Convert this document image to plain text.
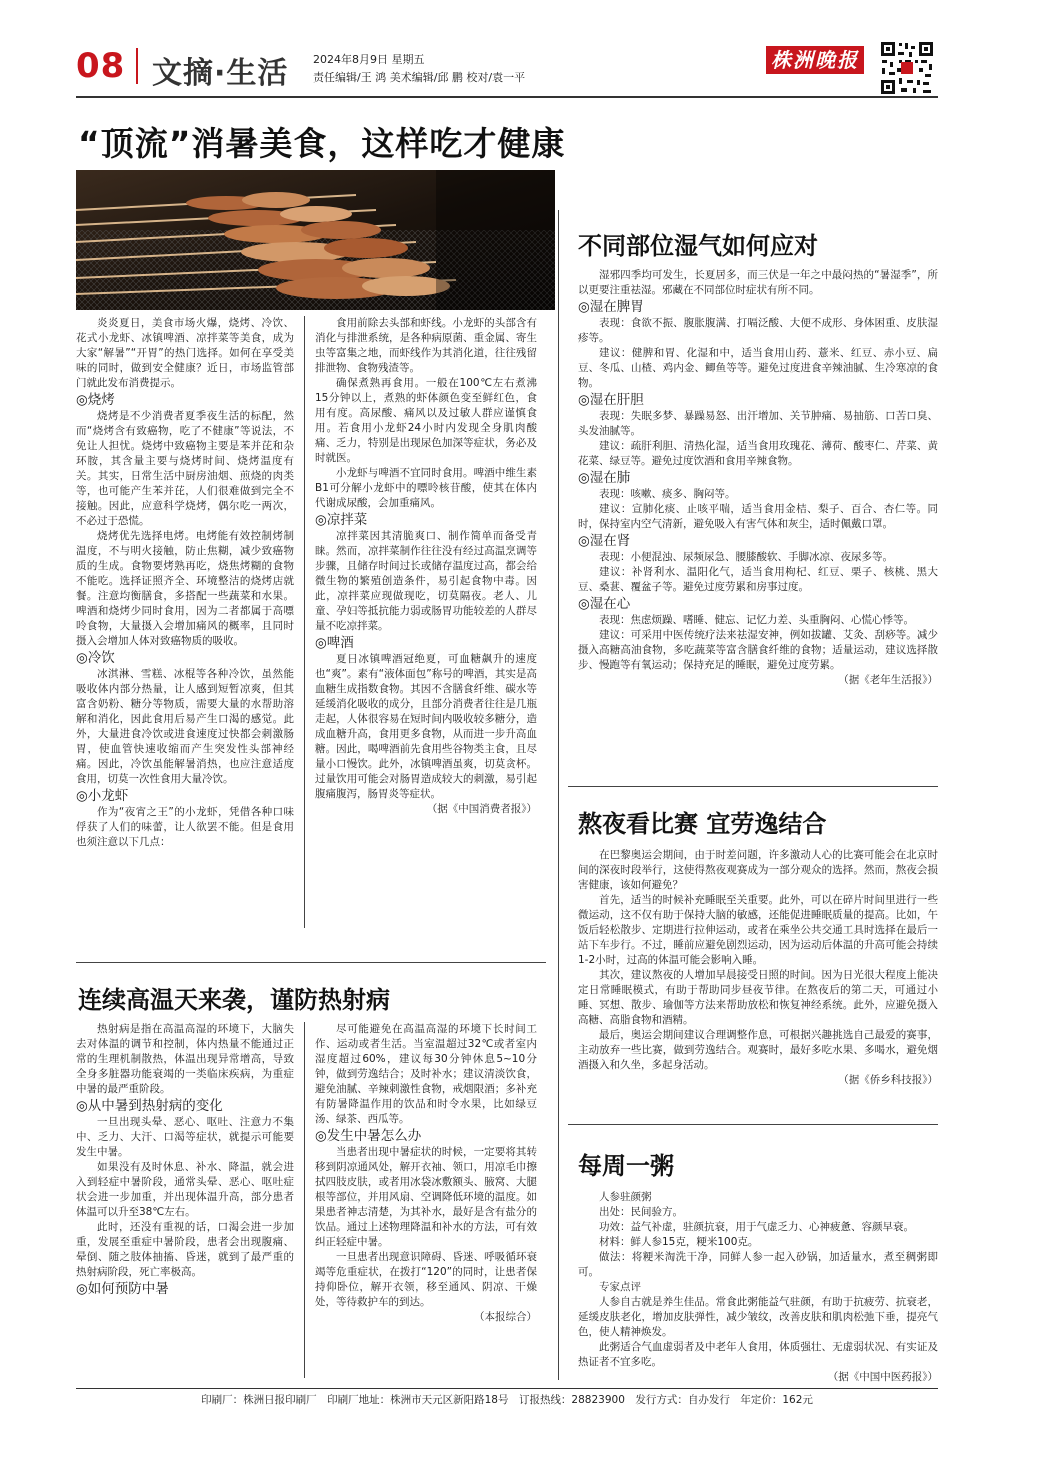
08 文摘·生活 2024年8月9日 星期五
责任编辑/王 鸿 美术编辑/邱 鹏 校对/袁一平
株洲晚报
“顶流”消暑美食，这样吃才健康

炎炎夏日，美食市场火爆，烧烤、冷饮、花式小龙虾、冰镇啤酒、凉拌菜等美食，成为大家“解暑”“开胃”的热门选择。如何在享受美味的同时，做到安全健康？近日，市场监管部门就此发布消费提示。

◎烧烤

烧烤是不少消费者夏季夜生活的标配，然而“烧烤含有致癌物，吃了不健康”等说法，不免让人担忧。烧烤中致癌物主要是苯并芘和杂环胺，其含量主要与烧烤时间、烧烤温度有关。其实，日常生活中厨房油烟、煎烧的肉类等，也可能产生苯并芘，人们很难做到完全不接触。因此，应意科学烧烤，偶尔吃一两次，不必过于恐慌。

烧烤优先选择电烤。电烤能有效控制烤制温度，不与明火接触，防止焦糊，减少致癌物质的生成。食物要烤熟再吃，烧焦烤糊的食物不能吃。选择证照齐全、环境整洁的烧烤店就餐。注意均衡膳食，多搭配一些蔬菜和水果。啤酒和烧烤少同时食用，因为二者都属于高嘌呤食物，大量摄入会增加痛风的概率，且同时摄入会增加人体对致癌物质的吸收。

◎冷饮

冰淇淋、雪糕、冰棍等各种冷饮，虽然能吸收体内部分热量，让人感到短暂凉爽，但其富含奶粉、糖分等物质，需要大量的水帮助溶解和消化，因此食用后易产生口渴的感觉。此外，大量进食冷饮或进食速度过快都会刺激肠胃，使血管快速收缩而产生突发性头部神经痛。因此，冷饮虽能解暑消热，也应注意适度食用，切莫一次性食用大量冷饮。

◎小龙虾

作为“夜宵之王”的小龙虾，凭借各种口味俘获了人们的味蕾，让人欲罢不能。但是食用也须注意以下几点：

食用前除去头部和虾线。小龙虾的头部含有消化与排泄系统，是各种病原菌、重金属、寄生虫等富集之地，而虾线作为其消化道，往往残留排泄物、食物残渣等。

确保煮熟再食用。一般在100℃左右煮沸15分钟以上，煮熟的虾体颜色变至鲜红色，食用有度。高尿酸、痛风以及过敏人群应谨慎食用。若食用小龙虾24小时内发现全身肌肉酸痛、乏力，特别是出现尿色加深等症状，务必及时就医。

小龙虾与啤酒不宜同时食用。啤酒中维生素B1可分解小龙虾中的嘌呤核苷酸，使其在体内代谢成尿酸，会加重痛风。

◎凉拌菜

凉拌菜因其清脆爽口、制作简单而备受青睐。然而，凉拌菜制作往往没有经过高温烹调等步骤，且储存时间过长或储存温度过高，都会给微生物的繁殖创造条件，易引起食物中毒。因此，凉拌菜应现做现吃，切莫隔夜。老人、儿童、孕妇等抵抗能力弱或肠胃功能较差的人群尽量不吃凉拌菜。

◎啤酒

夏日冰镇啤酒冠绝夏，可血糖飙升的速度也“爽”。素有“液体面包”称号的啤酒，其实是高血糖生成指数食物。其因不含膳食纤维、碳水等延缓消化吸收的成分，且部分消费者往往是几瓶走起，人体很容易在短时间内吸收较多糖分，造成血糖升高，食用更多食物，从而进一步升高血糖。因此，喝啤酒前先食用些谷物类主食，且尽量小口慢饮。此外，冰镇啤酒虽爽，切莫贪杯。过量饮用可能会对肠胃造成较大的刺激，易引起腹痛腹泻，肠胃炎等症状。

（据《中国消费者报》）

不同部位湿气如何应对

湿邪四季均可发生，长夏居多，而三伏是一年之中最闷热的“暑湿季”，所以更要注重祛湿。邪藏在不同部位时症状有所不同。

◎湿在脾胃

表现：食欲不振、腹胀腹满、打嗝泛酸、大便不成形、身体困重、皮肤湿疹等。

建议：健脾和胃、化湿和中，适当食用山药、薏米、红豆、赤小豆、扁豆、冬瓜、山楂、鸡内金、鲫鱼等等。避免过度进食辛辣油腻、生冷寒凉的食物。

◎湿在肝胆

表现：失眠多梦、暴躁易怒、出汗增加、关节肿痛、易抽筋、口苦口臭、头发油腻等。

建议：疏肝利胆、清热化湿，适当食用玫瑰花、薄荷、酸枣仁、芹菜、黄花菜、绿豆等。避免过度饮酒和食用辛辣食物。

◎湿在肺

表现：咳嗽、痰多、胸闷等。

建议：宣肺化痰、止咳平喘，适当食用金桔、梨子、百合、杏仁等。同时，保持室内空气清新，避免吸入有害气体和灰尘，适时佩戴口罩。

◎湿在肾

表现：小便混浊、尿频尿急、腰膝酸软、手脚冰凉、夜尿多等。

建议：补肾利水、温阳化气，适当食用枸杞、红豆、栗子、核桃、黑大豆、桑葚、覆盆子等。避免过度劳累和房事过度。

◎湿在心

表现：焦虑烦躁、嗜睡、健忘、记忆力差、头重胸闷、心慌心悸等。

建议：可采用中医传统疗法来祛湿安神，例如拔罐、艾灸、刮痧等。减少摄入高糖高油食物，多吃蔬菜等富含膳食纤维的食物；适量运动，建议选择散步、慢跑等有氧运动；保持充足的睡眠，避免过度劳累。

（据《老年生活报》）

熬夜看比赛 宜劳逸结合

在巴黎奥运会期间，由于时差问题，许多激动人心的比赛可能会在北京时间的深夜时段举行，这使得熬夜观赛成为一部分观众的选择。然而，熬夜会损害健康，该如何避免？

首先，适当的时候补充睡眠至关重要。此外，可以在碎片时间里进行一些微运动，这不仅有助于保持大脑的敏感，还能促进睡眠质量的提高。比如，午饭后轻松散步、定期进行拉伸运动，或者在乘坐公共交通工具时选择在最后一站下车步行。不过，睡前应避免剧烈运动，因为运动后体温的升高可能会持续1-2小时，过高的体温可能会影响入睡。

其次，建议熬夜的人增加早晨接受日照的时间。因为日光很大程度上能决定日常睡眠模式，有助于帮助同步昼夜节律。在熬夜后的第二天，可通过小睡、冥想、散步、瑜伽等方法来帮助放松和恢复神经系统。此外，应避免摄入高糖、高脂食物和酒精。

最后，奥运会期间建议合理调整作息，可根据兴趣挑选自己最爱的赛事，主动放弃一些比赛，做到劳逸结合。观赛时，最好多吃水果、多喝水，避免烟酒摄入和久坐，多起身活动。

（据《侨乡科技报》）

每周一粥

人参驻颜粥

出处：民间验方。

功效：益气补虚，驻颜抗衰，用于气虚乏力、心神疲惫、容颜早衰。

材料：鲜人参15克，粳米100克。

做法：将粳米淘洗干净，同鲜人参一起入砂锅，加适量水，煮至稠粥即可。

专家点评

人参自古就是养生佳品。常食此粥能益气驻颜，有助于抗疲劳、抗衰老，延缓皮肤老化，增加皮肤弹性，减少皱纹，改善皮肤和肌肉松弛下垂，提亮气色，使人精神焕发。

此粥适合气血虚弱者及中老年人食用，体质强壮、无虚弱状况、有实证及热证者不宜多吃。

（据《中国中医药报》）

连续高温天来袭，谨防热射病

热射病是指在高温高湿的环境下，大脑失去对体温的调节和控制，体内热量不能通过正常的生理机制散热，体温出现异常增高，导致全身多脏器功能衰竭的一类临床疾病，为重症中暑的最严重阶段。

◎从中暑到热射病的变化

一旦出现头晕、恶心、呕吐、注意力不集中、乏力、大汗、口渴等症状，就提示可能要发生中暑。

如果没有及时休息、补水、降温，就会进入到轻症中暑阶段，通常头晕、恶心、呕吐症状会进一步加重，并出现体温升高，部分患者体温可以升至38℃左右。

此时，还没有重视的话，口渴会进一步加重，发展至重症中暑阶段，患者会出现腹痛、晕倒、随之肢体抽搐、昏迷，就到了最严重的热射病阶段，死亡率极高。

◎如何预防中暑

尽可能避免在高温高湿的环境下长时间工作、运动或者生活。当室温超过32℃或者室内湿度超过60%，建议每30分钟休息5~10分钟，做到劳逸结合；及时补水；建议清淡饮食，避免油腻、辛辣刺激性食物，戒烟限酒；多补充有防暑降温作用的饮品和时令水果，比如绿豆汤、绿茶、西瓜等。

◎发生中暑怎么办

当患者出现中暑症状的时候，一定要将其转移到阴凉通风处，解开衣袖、领口，用凉毛巾擦拭四肢皮肤，或者用冰袋冰敷额头、腋窝、大腿根等部位，并用风扇、空调降低环境的温度。如果患者神志清楚，为其补水，最好是含有盐分的饮品。通过上述物理降温和补水的方法，可有效纠正轻症中暑。

一旦患者出现意识障碍、昏迷、呼吸循环衰竭等危重症状，在拨打“120”的同时，让患者保持仰卧位，解开衣领，移至通风、阴凉、干燥处，等待救护车的到达。

（本报综合）

印刷厂：株洲日报印刷厂　印刷厂地址：株洲市天元区新阳路18号　订报热线：28823900　发行方式：自办发行　年定价：162元
